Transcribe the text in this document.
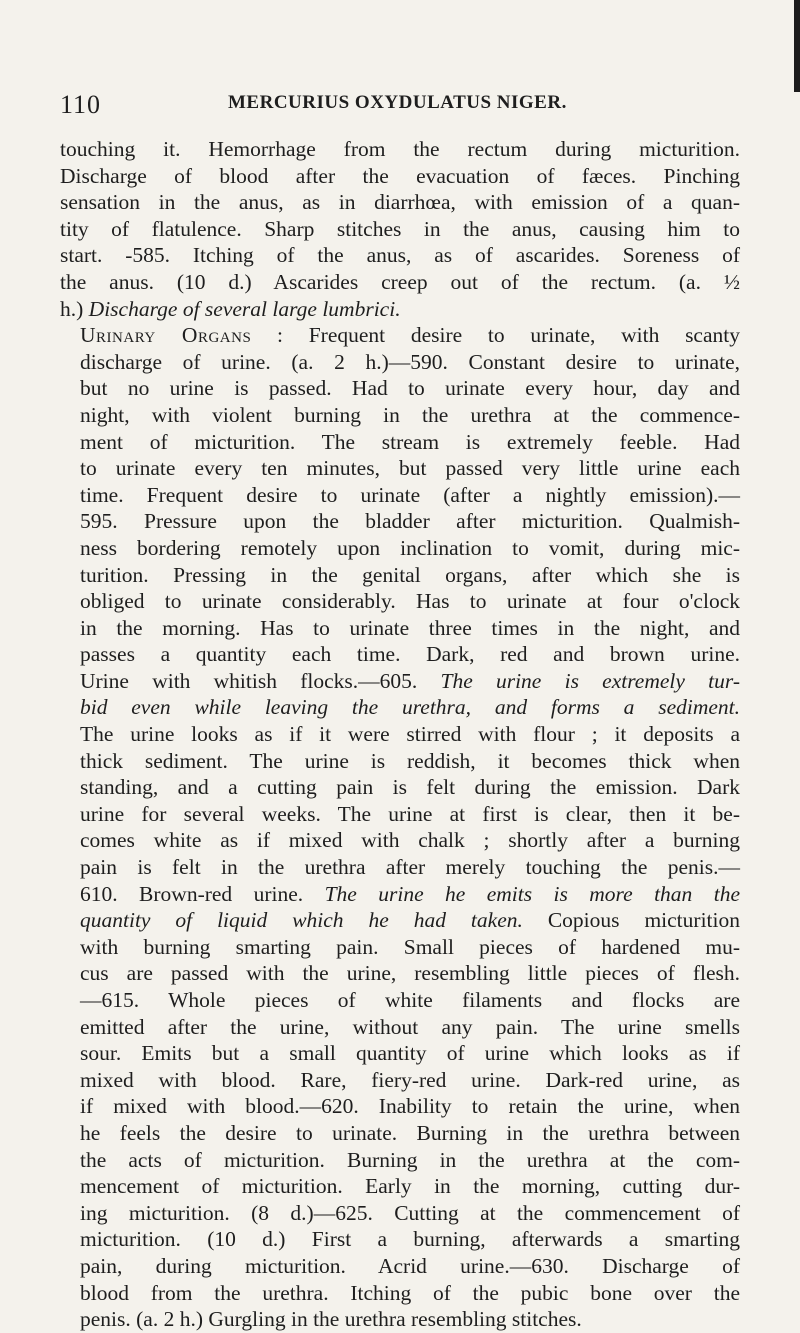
110	MERCURIUS OXYDULATUS NIGER.

touching it. Hemorrhage from the rectum during micturition.
Discharge of blood after the evacuation of fæces. Pinching
sensation in the anus, as in diarrhœa, with emission of a quan-
tity of flatulence. Sharp stitches in the anus, causing him to
start. -585. Itching of the anus, as of ascarides. Soreness of
the anus. (10 d.) Ascarides creep out of the rectum. (a. ½
h.) Discharge of several large lumbrici.

Urinary Organs : Frequent desire to urinate, with scanty
discharge of urine. (a. 2 h.)—590. Constant desire to urinate,
but no urine is passed. Had to urinate every hour, day and
night, with violent burning in the urethra at the commence-
ment of micturition. The stream is extremely feeble. Had
to urinate every ten minutes, but passed very little urine each
time. Frequent desire to urinate (after a nightly emission).—
595. Pressure upon the bladder after micturition. Qualmish-
ness bordering remotely upon inclination to vomit, during mic-
turition. Pressing in the genital organs, after which she is
obliged to urinate considerably. Has to urinate at four o'clock
in the morning. Has to urinate three times in the night, and
passes a quantity each time. Dark, red and brown urine.
Urine with whitish flocks.—605. The urine is extremely tur-
bid even while leaving the urethra, and forms a sediment.
The urine looks as if it were stirred with flour ; it deposits a
thick sediment. The urine is reddish, it becomes thick when
standing, and a cutting pain is felt during the emission. Dark
urine for several weeks. The urine at first is clear, then it be-
comes white as if mixed with chalk ; shortly after a burning
pain is felt in the urethra after merely touching the penis.—
610. Brown-red urine. The urine he emits is more than the
quantity of liquid which he had taken. Copious micturition
with burning smarting pain. Small pieces of hardened mu-
cus are passed with the urine, resembling little pieces of flesh.
—615. Whole pieces of white filaments and flocks are
emitted after the urine, without any pain. The urine smells
sour. Emits but a small quantity of urine which looks as if
mixed with blood. Rare, fiery-red urine. Dark-red urine, as
if mixed with blood.—620. Inability to retain the urine, when
he feels the desire to urinate. Burning in the urethra between
the acts of micturition. Burning in the urethra at the com-
mencement of micturition. Early in the morning, cutting dur-
ing micturition. (8 d.)—625. Cutting at the commencement of
micturition. (10 d.) First a burning, afterwards a smarting
pain, during micturition. Acrid urine.—630. Discharge of
blood from the urethra. Itching of the pubic bone over the
penis. (a. 2 h.) Gurgling in the urethra resembling stitches.
